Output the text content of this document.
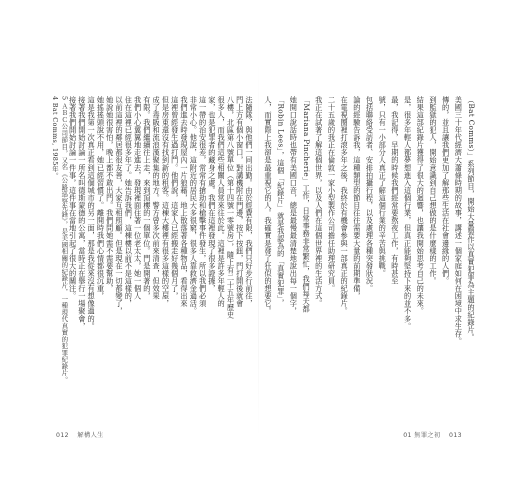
法隨隊，與他們一同出勤。由於經費有限，我們只好步行前往，
門上方有個小窗口，對講機附在門邊，按下按鈕，門打開後就會
八樓，北區第八號單位（第十四號一零號房），隨上有二十五年歷史
很多人，而我們這些相關人員常來往於此。這裡是許多年輕人的
家，也是犯罪者的藏身之處。我們在這裡發現了很多證據，
這一帶的治安很差，常常有搶劫和槍擊事件發生，所以我們必須
非常小心。他說，這附近的居民大多很窮，很多人靠救濟金過活。
我們進去時發現屋內一片狼藉，地上散落著各種物品，看得出來
這裡曾經發生過打鬥。他們說，這家人已經搬走好幾個月了，
但是房東還沒有找到新的租客。這棟大樓裡有很多這樣的空屋，
成了毒販和流浪漢聚集的地方。警方曾多次前來清查，但效果
有限。我們繼續往上走，來到頂樓的一個單位。門是開著的，
我們小心翼翼地走進去，發現裡面住著一位老太太，她一個人
住在這裡已經很多年了。她告訴我們，這棟樓以前不是這樣的，
以前這裡的鄰居都很友善，大家互相照顧。但是現在一切都變了，
她說她很害怕，晚上都不敢出門。我們問她需不需要幫助，
她搖搖頭說不用，她已經習慣了。離開時我們心情都很沉重，
這是我第一次真正看到這個城市的另一面，那是我從來沒有想像過的。
接著我們開始討論一所名叫德斯蒙德的公寓，當時正在舉行一場聚會，
接著我們開始討論一件事，這件事在當地引起了很大的關注。
5 ＡＢＣ公司節目，又名《公路巡察先鋒》，是美國相關的紀錄片，一種現代真實的犯罪紀錄片。
4 Bat Comms, 1985年。
012 解構人生
（Bat Comms）」系列節目，開始大量製作以真實犯罪為主題的紀錄片。
美國三十年代經濟大蕭條時期的故事，講述一個家庭如何在困境中求生存。
傳的，並且讓我們更加了解那些生活在社會邊緣的人們。
到監獄的犯人，開始意識到自己想做的是什麼樣的工作。
結果這部紀錄片獲得了很大的迴響，也讓我開始思考自己的未來。
是，很多年輕人都夢想進入這個行業，但真正能夠堅持下來的並不多。
最，我記得，早期的時候我們經常要熬夜工作，有時甚至
號，只有一小部分人真正了解這個行業的辛苦與挑戰。
包括聯絡受訪者、安排拍攝行程，以及處理各種突發狀況。
論的經驗告訴我，這種類型的節目往往需要大量的前期準備，
在電視圈裡打滾多年之後，我終於有機會參與一部真正的紀錄片。
二十五歲的我正在倫敦一家小型製作公司擔任助理研究員。
我正在試著了解這個世界，以及人們在這個世界裡的生活方式。
「Mariana Pincherie」工作，日常事務非常繁忙，我們每天都
她開口說話時也帶有美國口音，總是最慢最清楚地說出每一個字，
「Robin Lees」，這個「紀錄片」就是我認為的「真實犯罪」，
人，而實際上我卻是最重視它的人。我確實是發了狂似的想要它。
01 無罪之初 013
